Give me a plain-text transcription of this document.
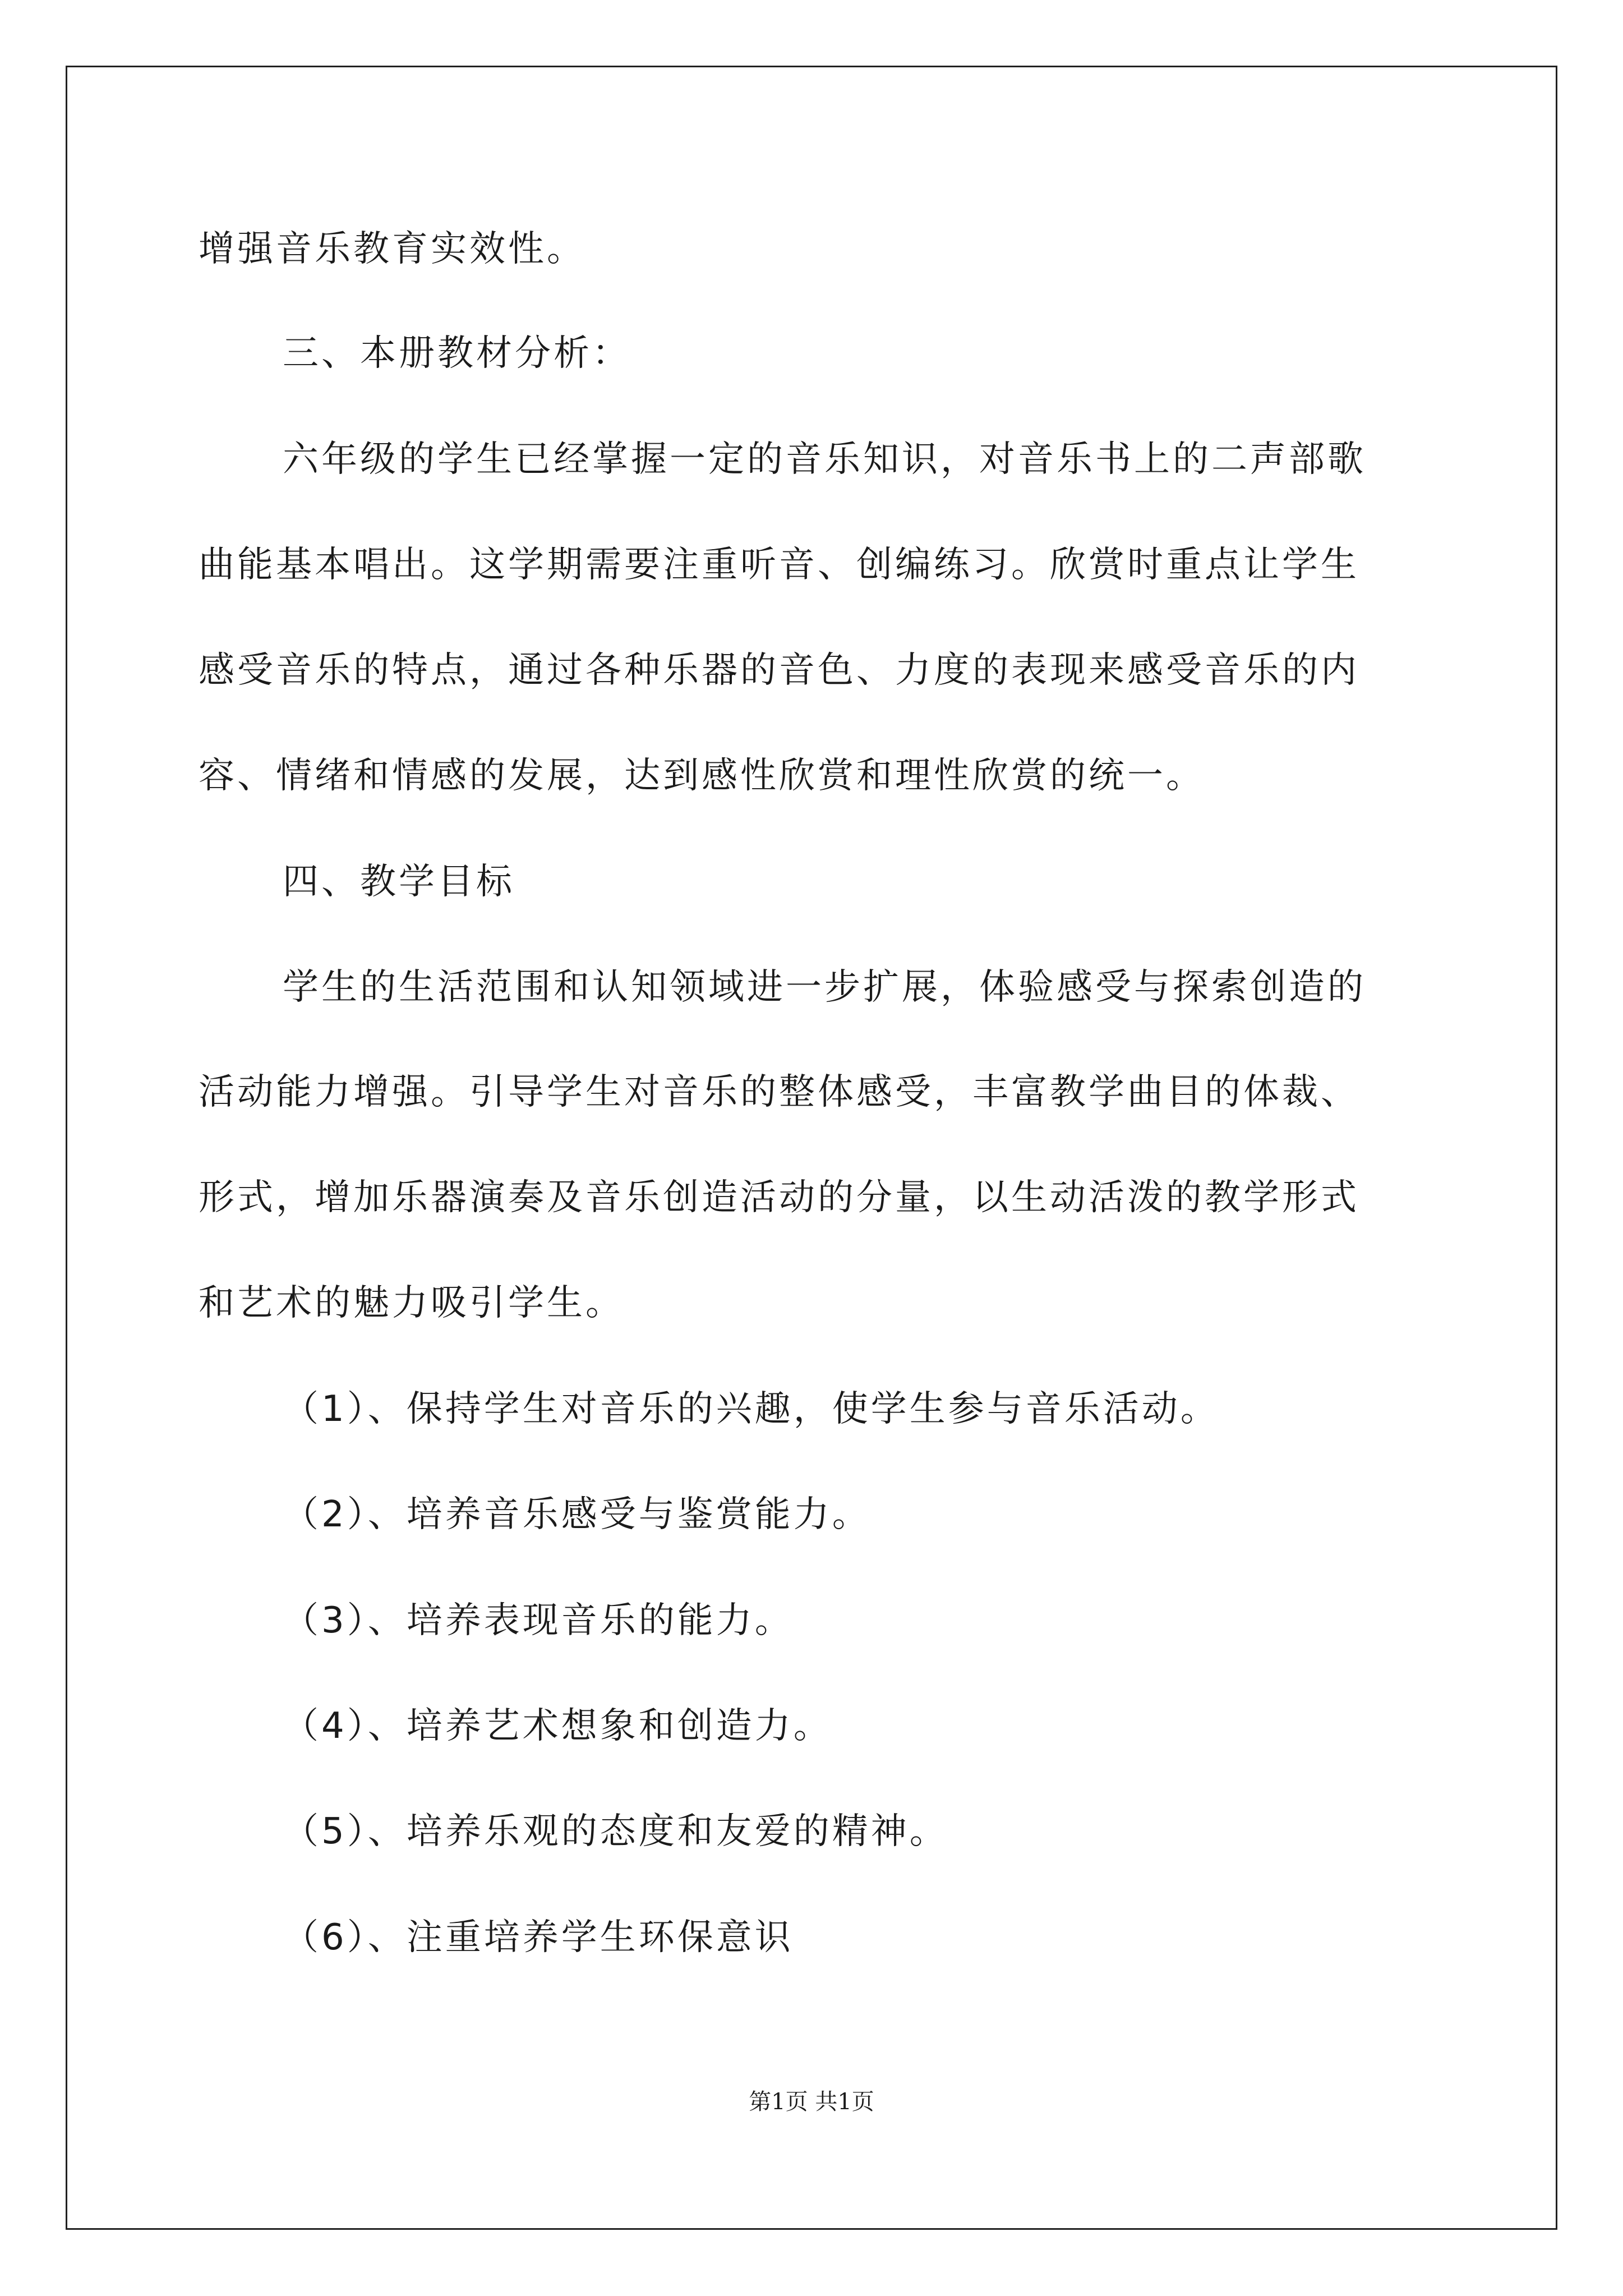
增强音乐教育实效性。
三、本册教材分析：
六年级的学生已经掌握一定的音乐知识，对音乐书上的二声部歌
曲能基本唱出。这学期需要注重听音、创编练习。欣赏时重点让学生
感受音乐的特点，通过各种乐器的音色、力度的表现来感受音乐的内
容、情绪和情感的发展，达到感性欣赏和理性欣赏的统一。
四、教学目标
学生的生活范围和认知领域进一步扩展，体验感受与探索创造的
活动能力增强。引导学生对音乐的整体感受，丰富教学曲目的体裁、
形式，增加乐器演奏及音乐创造活动的分量，以生动活泼的教学形式
和艺术的魅力吸引学生。
（1）、保持学生对音乐的兴趣，使学生参与音乐活动。
（2）、培养音乐感受与鉴赏能力。
（3）、培养表现音乐的能力。
（4）、培养艺术想象和创造力。
（5）、培养乐观的态度和友爱的精神。
（6）、注重培养学生环保意识
第1页 共1页
